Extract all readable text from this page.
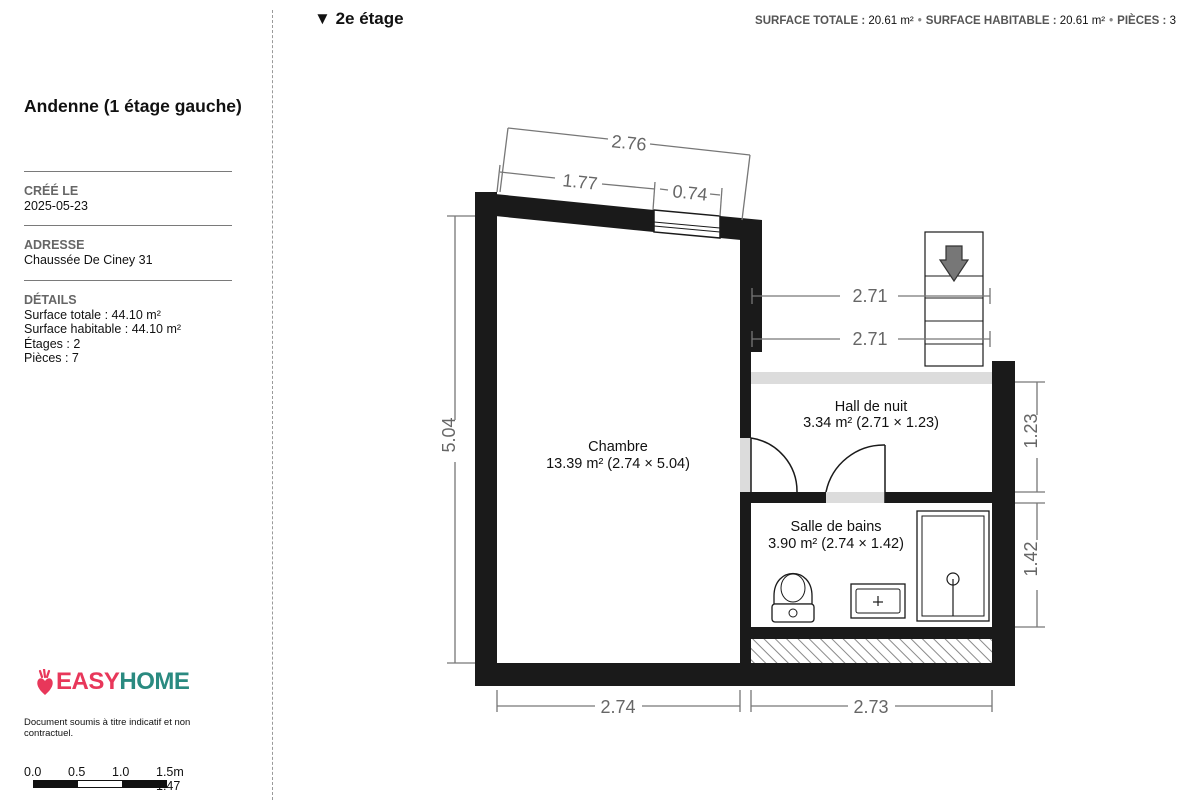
Andenne (1 étage gauche)
CRÉÉ LE
2025-05-23
ADRESSE
Chaussée De Ciney 31
DÉTAILS
Surface totale : 44.10 m²
Surface habitable : 44.10 m²
Étages : 2
Pièces : 7
EASY HOME
Document soumis à titre indicatif et non contractuel.
0.0 0.5 1.0 1.5m
1:47
▼ 2e étage	SURFACE TOTALE : 20.61 m² • SURFACE HABITABLE : 20.61 m² • PIÈCES : 3
2.76
1.77	0.74
2.71
2.71
5.04	1.23
1.42
2.74	2.73
Chambre
13.39 m² (2.74 × 5.04)
Hall de nuit
3.34 m² (2.71 × 1.23)
Salle de bains
3.90 m² (2.74 × 1.42)
